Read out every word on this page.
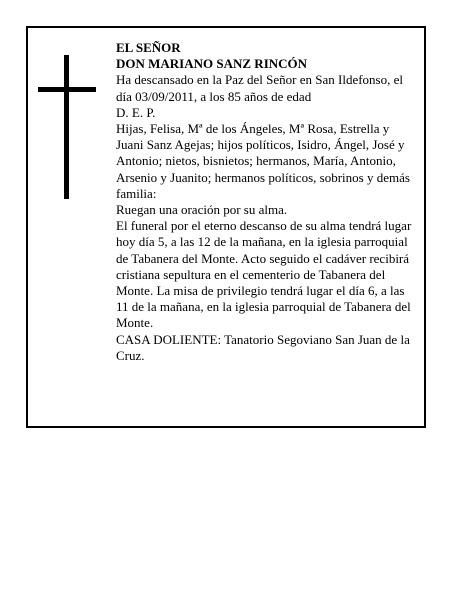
EL SEÑOR

DON MARIANO SANZ RINCÓN

Ha descansado en la Paz del Señor en San Ildefonso, el día 03/09/2011, a los 85 años de edad

D. E. P.

Hijas, Felisa, Mª de los Ángeles, Mª Rosa, Estrella y Juani Sanz Agejas; hijos políticos, Isidro, Ángel, José y Antonio; nietos, bisnietos; hermanos, María, Antonio, Arsenio y Juanito; hermanos políticos, sobrinos y demás familia:

Ruegan una oración por su alma.

El funeral por el eterno descanso de su alma tendrá lugar hoy día 5, a las 12 de la mañana, en la iglesia parroquial de Tabanera del Monte. Acto seguido el cadáver recibirá cristiana sepultura en el cementerio de Tabanera del Monte. La misa de privilegio tendrá lugar el día 6, a las 11 de la mañana, en la iglesia parroquial de Tabanera del Monte.

CASA DOLIENTE: Tanatorio Segoviano San Juan de la Cruz.
